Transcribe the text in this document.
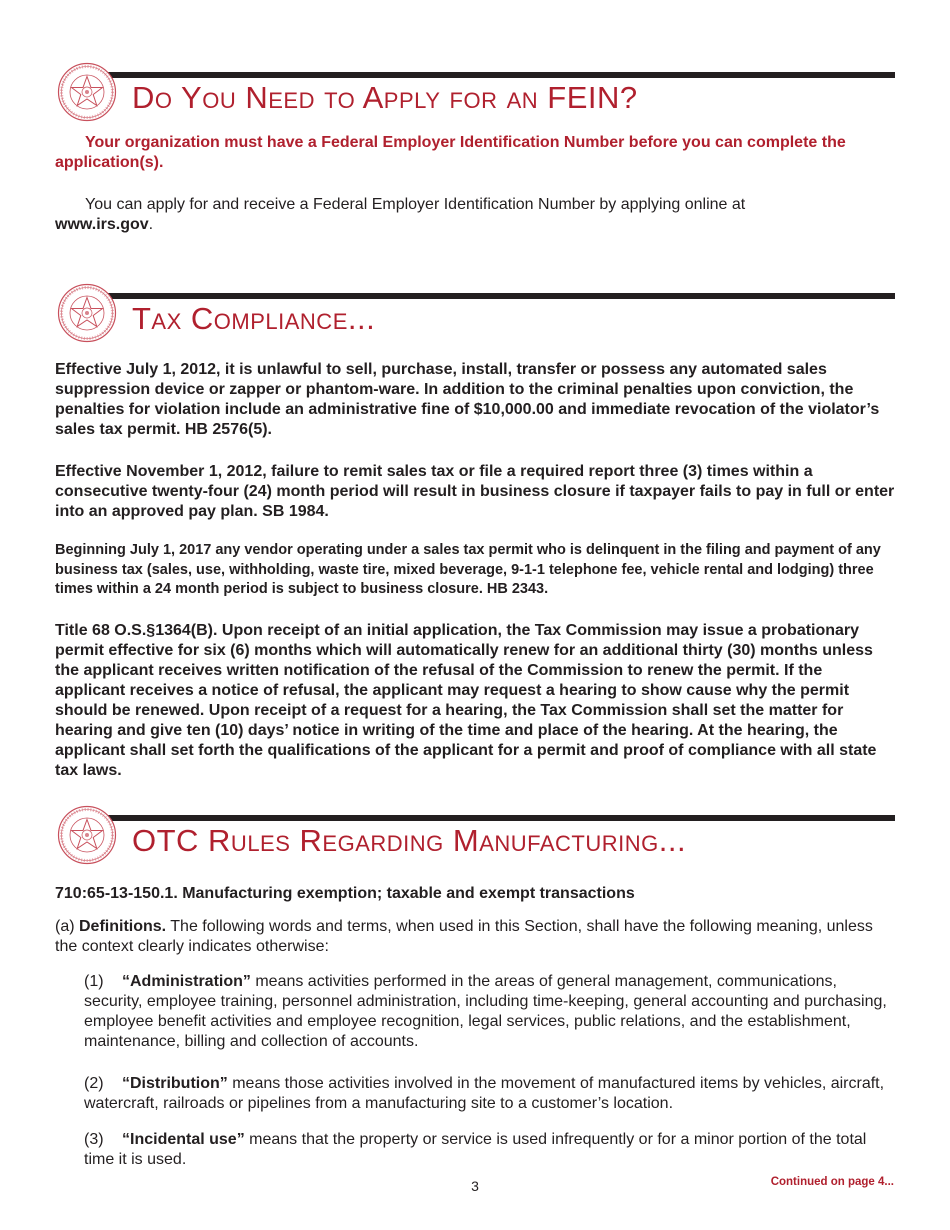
Do You Need to Apply for an FEIN?

Your organization must have a Federal Employer Identification Number before you can complete the application(s).

You can apply for and receive a Federal Employer Identification Number by applying online at
www.irs.gov.

Tax Compliance...

Effective July 1, 2012, it is unlawful to sell, purchase, install, transfer or possess any automated sales suppression device or zapper or phantom-ware. In addition to the criminal penalties upon conviction, the penalties for violation include an administrative fine of $10,000.00 and immediate revocation of the violator’s sales tax permit. HB 2576(5).

Effective November 1, 2012, failure to remit sales tax or file a required report three (3) times within a consecutive twenty-four (24) month period will result in business closure if taxpayer fails to pay in full or enter into an approved pay plan. SB 1984.

Beginning July 1, 2017 any vendor operating under a sales tax permit who is delinquent in the filing and payment of any business tax (sales, use, withholding, waste tire, mixed beverage, 9-1-1 telephone fee, vehicle rental and lodging) three times within a 24 month period is subject to business closure. HB 2343.

Title 68 O.S.§1364(B). Upon receipt of an initial application, the Tax Commission may issue a probationary permit effective for six (6) months which will automatically renew for an additional thirty (30) months unless the applicant receives written notification of the refusal of the Commission to renew the permit. If the applicant receives a notice of refusal, the applicant may request a hearing to show cause why the permit should be renewed. Upon receipt of a request for a hearing, the Tax Commission shall set the matter for hearing and give ten (10) days’ notice in writing of the time and place of the hearing. At the hearing, the applicant shall set forth the qualifications of the applicant for a permit and proof of compliance with all state tax laws.

OTC Rules Regarding Manufacturing...

710:65-13-150.1. Manufacturing exemption; taxable and exempt transactions

(a) Definitions. The following words and terms, when used in this Section, shall have the following meaning, unless the context clearly indicates otherwise:

(1) “Administration” means activities performed in the areas of general management, communications, security, employee training, personnel administration, including time-keeping, general accounting and purchasing, employee benefit activities and employee recognition, legal services, public relations, and the establishment, maintenance, billing and collection of accounts.

(2) “Distribution” means those activities involved in the movement of manufactured items by vehicles, aircraft, watercraft, railroads or pipelines from a manufacturing site to a customer’s location.

(3) “Incidental use” means that the property or service is used infrequently or for a minor portion of the total time it is used.

3	Continued on page 4...
